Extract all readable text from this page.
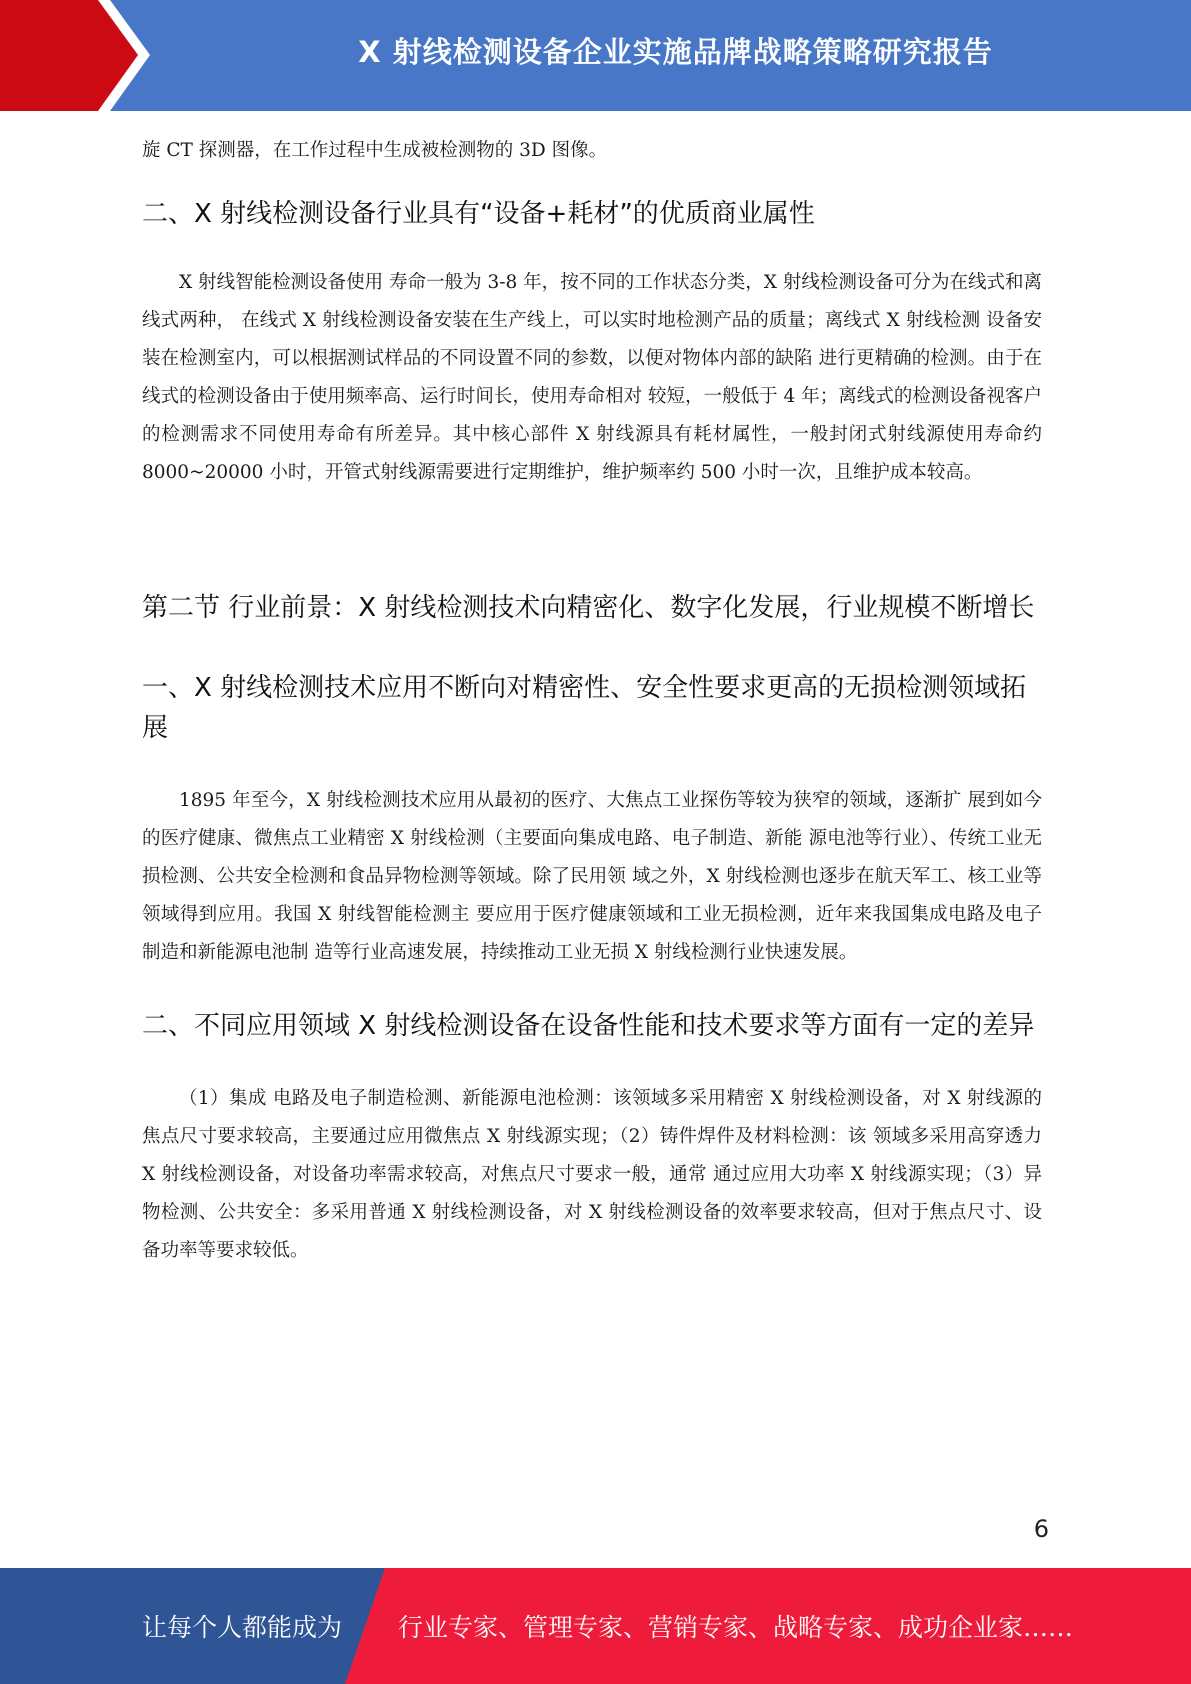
X 射线检测设备企业实施品牌战略策略研究报告

旋 CT 探测器，在工作过程中生成被检测物的 3D 图像。

二、X 射线检测设备行业具有“设备+耗材”的优质商业属性

X 射线智能检测设备使用 寿命一般为 3-8 年，按不同的工作状态分类，X 射线检测设备可分为在线式和离线式两种， 在线式 X 射线检测设备安装在生产线上，可以实时地检测产品的质量；离线式 X 射线检测 设备安装在检测室内，可以根据测试样品的不同设置不同的参数，以便对物体内部的缺陷 进行更精确的检测。由于在线式的检测设备由于使用频率高、运行时间长，使用寿命相对 较短，一般低于 4 年；离线式的检测设备视客户的检测需求不同使用寿命有所差异。其中核心部件 X 射线源具有耗材属性，一般封闭式射线源使用寿命约 8000~20000 小时，开管式射线源需要进行定期维护，维护频率约 500 小时一次，且维护成本较高。

第二节 行业前景：X 射线检测技术向精密化、数字化发展，行业规模不断增长
一、X 射线检测技术应用不断向对精密性、安全性要求更高的无损检测领域拓展

1895 年至今，X 射线检测技术应用从最初的医疗、大焦点工业探伤等较为狭窄的领域，逐渐扩 展到如今的医疗健康、微焦点工业精密 X 射线检测（主要面向集成电路、电子制造、新能 源电池等行业）、传统工业无损检测、公共安全检测和食品异物检测等领域。除了民用领 域之外，X 射线检测也逐步在航天军工、核工业等领域得到应用。我国 X 射线智能检测主 要应用于医疗健康领域和工业无损检测，近年来我国集成电路及电子制造和新能源电池制 造等行业高速发展，持续推动工业无损 X 射线检测行业快速发展。

二、不同应用领域 X 射线检测设备在设备性能和技术要求等方面有一定的差异

（1）集成 电路及电子制造检测、新能源电池检测：该领域多采用精密 X 射线检测设备，对 X 射线源的焦点尺寸要求较高，主要通过应用微焦点 X 射线源实现；（2）铸件焊件及材料检测：该 领域多采用高穿透力 X 射线检测设备，对设备功率需求较高，对焦点尺寸要求一般，通常 通过应用大功率 X 射线源实现；（3）异物检测、公共安全：多采用普通 X 射线检测设备，对 X 射线检测设备的效率要求较高，但对于焦点尺寸、设备功率等要求较低。

6
让每个人都能成为 行业专家、管理专家、营销专家、战略专家、成功企业家……
